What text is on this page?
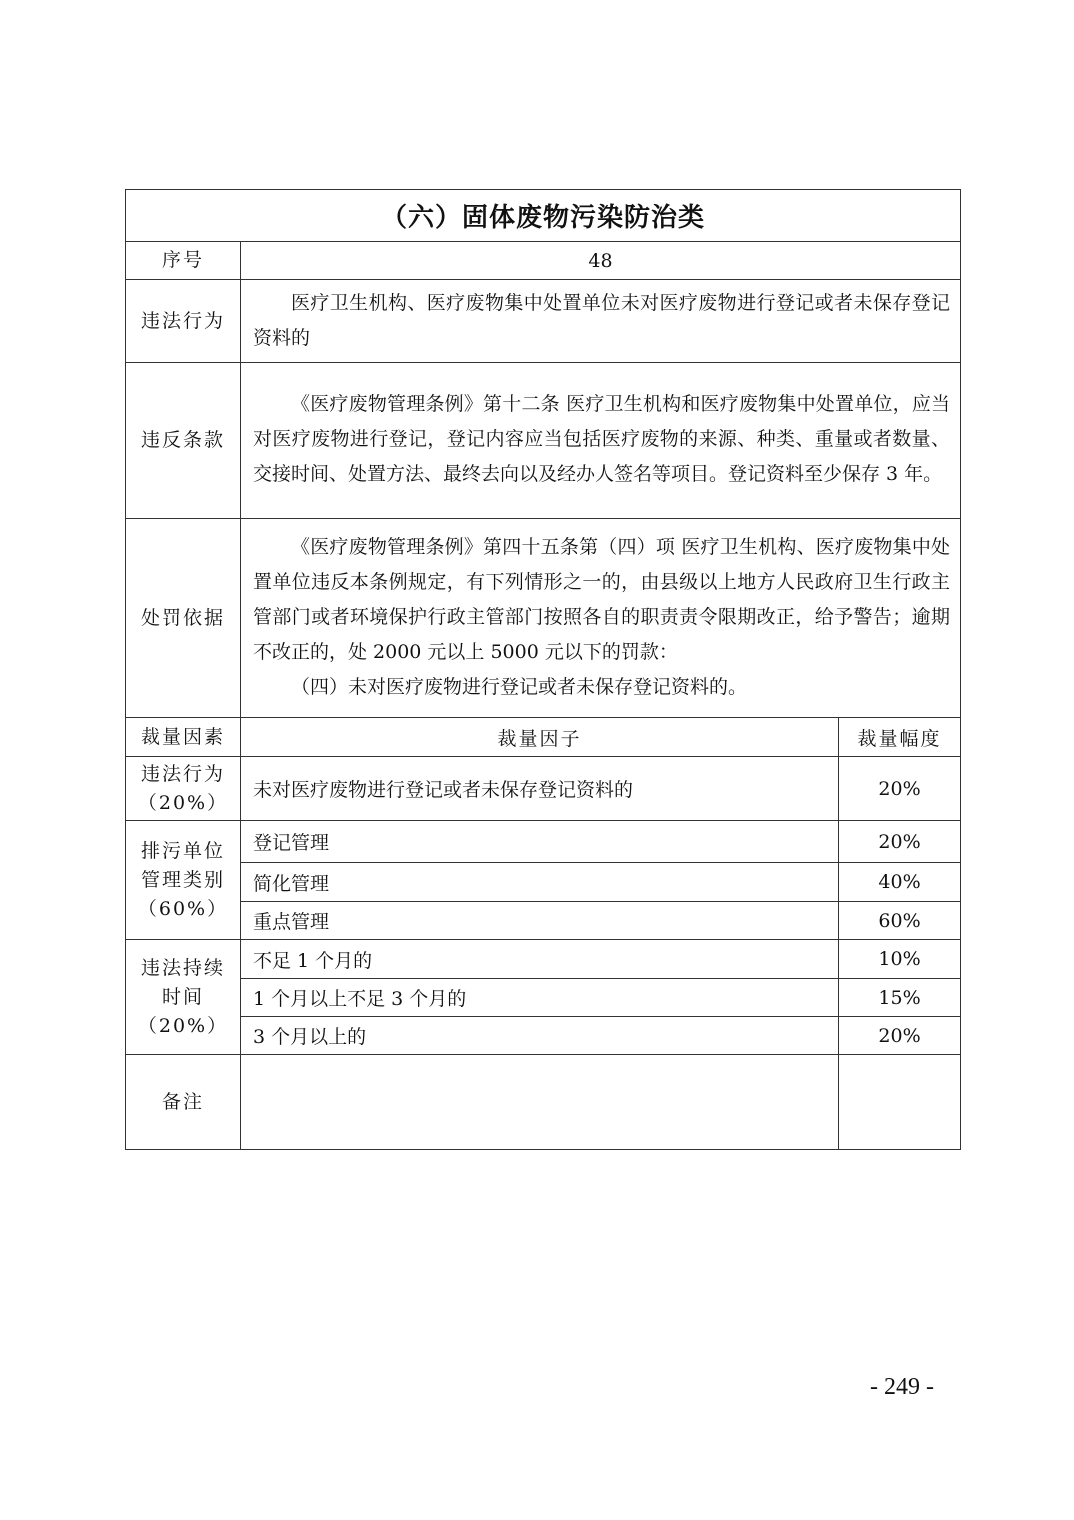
（六）固体废物污染防治类		
序号	48	
违法行为	医疗卫生机构、医疗废物集中处置单位未对医疗废物进行登记或者未保存登记资料的	

违反条款	《医疗废物管理条例》第十二条 医疗卫生机构和医疗废物集中处置单位，应当对医疗废物进行登记，登记内容应当包括医疗废物的来源、种类、重量或者数量、交接时间、处置方法、最终去向以及经办人签名等项目。登记资料至少保存 3 年。	

处罚依据	《医疗废物管理条例》第四十五条第（四）项 医疗卫生机构、医疗废物集中处置单位违反本条例规定，有下列情形之一的，由县级以上地方人民政府卫生行政主管部门或者环境保护行政主管部门按照各自的职责责令限期改正，给予警告；逾期不改正的，处 2000 元以上 5000 元以下的罚款：

（四）未对医疗废物进行登记或者未保存登记资料的。	

裁量因素	裁量因子	裁量幅度

违法行为
（20%）	未对医疗废物进行登记或者未保存登记资料的	20%

排污单位
管理类别
（60%）	登记管理	20%
	简化管理	40%
	重点管理	60%

违法持续
时间
（20%）	不足 1 个月的	10%
	1 个月以上不足 3 个月的	15%
	3 个月以上的	20%
备注		
- 249 -
